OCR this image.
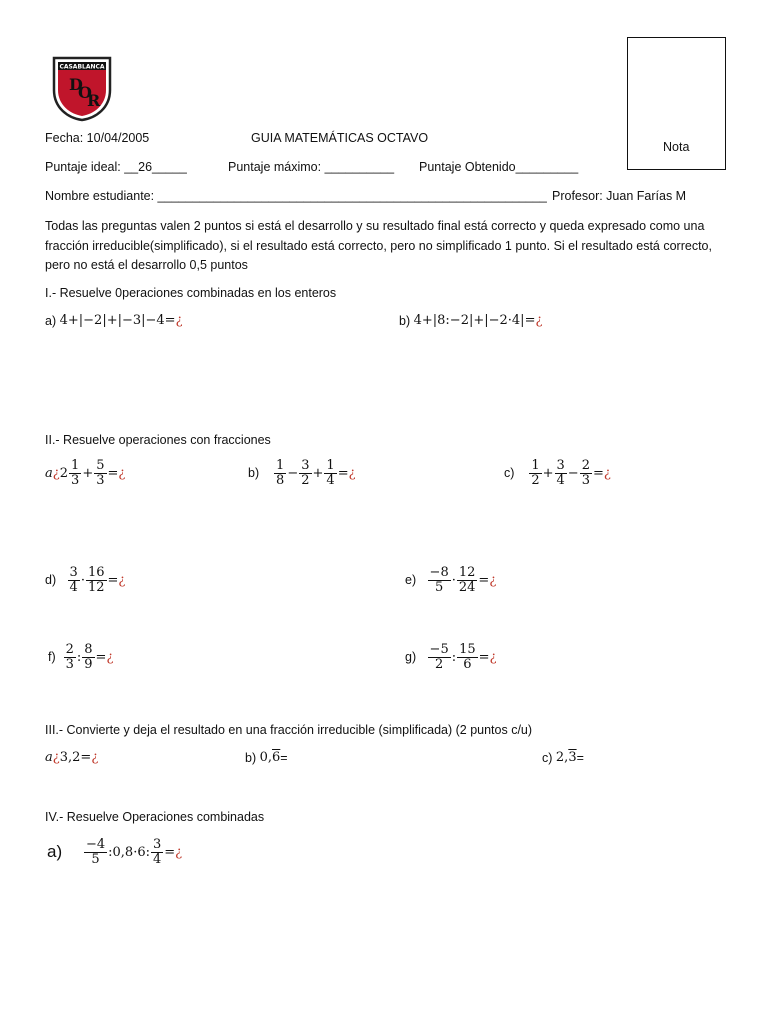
CASABLANCA
D
O
R
Nota
Fecha: 10/04/2005	GUIA MATEMÁTICAS OCTAVO
Puntaje ideal: __26_____	Puntaje máximo: __________ Puntaje Obtenido_________
Nombre estudiante: ________________________________________________________ Profesor: Juan Farías M
Todas las preguntas valen 2 puntos si está el desarrollo y su resultado final está correcto y queda expresado como una fracción irreducible(simplificado), si el resultado está correcto, pero no simplificado 1 punto. Si el resultado está correcto, pero no está el desarrollo 0,5 puntos
I.- Resuelve 0peraciones combinadas en los enteros
a)
4+|−2|+|−3|−4= ¿	b)
4+|8:−2|+|−2·4|= ¿
II.- Resuelve operaciones con fracciones
a ¿ $2 \frac{1}{3} + \frac{5}{3}$ = ¿	b)
$\frac{1}{8} - \frac{3}{2} + \frac{1}{4}$ = ¿	c)
$\frac{1}{2} + \frac{3}{4} - \frac{2}{3}$ = ¿
d)
$\frac{3}{4} \cdot \frac{16}{12}$ = ¿	e)
$\frac{-8}{5} \cdot \frac{12}{24}$ = ¿
f)
$\frac{2}{3}$ : $\frac{8}{9}$ = ¿	g)
$\frac{-5}{2}$ : $\frac{15}{6}$ = ¿
III.- Convierte y deja el resultado en una fracción irreducible (simplificada) (2 puntos c/u)
a ¿ 3,2= ¿	b)
0, 6 =	c)
2, 3 =
IV.- Resuelve Operaciones combinadas
a)
$\frac{-4}{5}$ :0,8·6: $\frac{3}{4}$ = ¿
